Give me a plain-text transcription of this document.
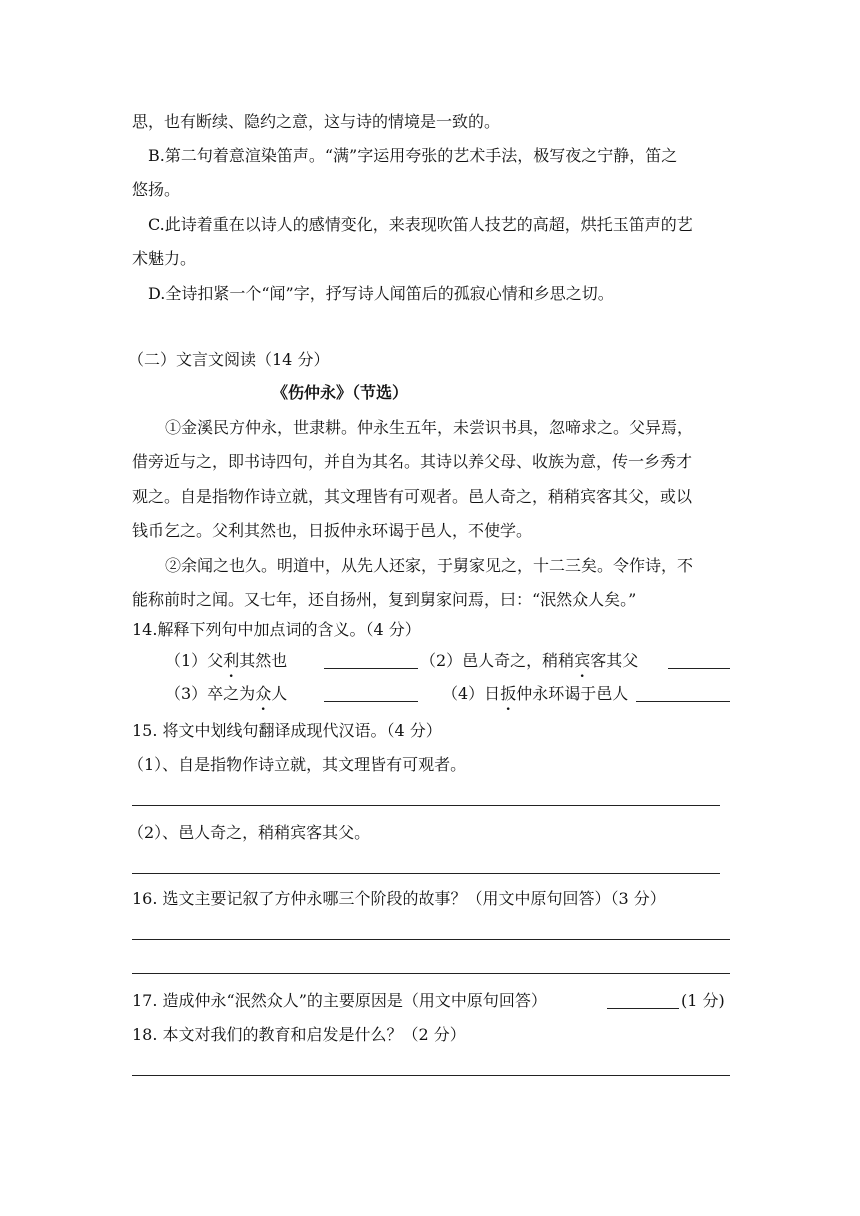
思，也有断续、隐约之意，这与诗的情境是一致的。
B.第二句着意渲染笛声。“满”字运用夸张的艺术手法，极写夜之宁静，笛之
悠扬。
C.此诗着重在以诗人的感情变化，来表现吹笛人技艺的高超，烘托玉笛声的艺
术魅力。
D.全诗扣紧一个“闻”字，抒写诗人闻笛后的孤寂心情和乡思之切。
（二）文言文阅读（14 分）
《伤仲永》（节选）
①金溪民方仲永，世隶耕。仲永生五年，未尝识书具，忽啼求之。父异焉，
借旁近与之，即书诗四句，并自为其名。其诗以养父母、收族为意，传一乡秀才
观之。自是指物作诗立就，其文理皆有可观者。邑人奇之，稍稍宾客其父，或以
钱币乞之。父利其然也，日扳仲永环谒于邑人，不使学。
②余闻之也久。明道中，从先人还家，于舅家见之，十二三矣。令作诗，不
能称前时之闻。又七年，还自扬州，复到舅家问焉，曰：“泯然众人矣。”
14.解释下列句中加点词的含义。（4 分）
（1）父利其然也	（2）邑人奇之，稍稍宾客其父
（3）卒之为众人	（4）日扳仲永环谒于邑人
15. 将文中划线句翻译成现代汉语。（4 分）
（1）、自是指物作诗立就，其文理皆有可观者。
（2）、邑人奇之，稍稍宾客其父。
16. 选文主要记叙了方仲永哪三个阶段的故事？（用文中原句回答）（3 分）
17. 造成仲永“泯然众人”的主要原因是（用文中原句回答）	(1 分)
18. 本文对我们的教育和启发是什么？（2 分）
